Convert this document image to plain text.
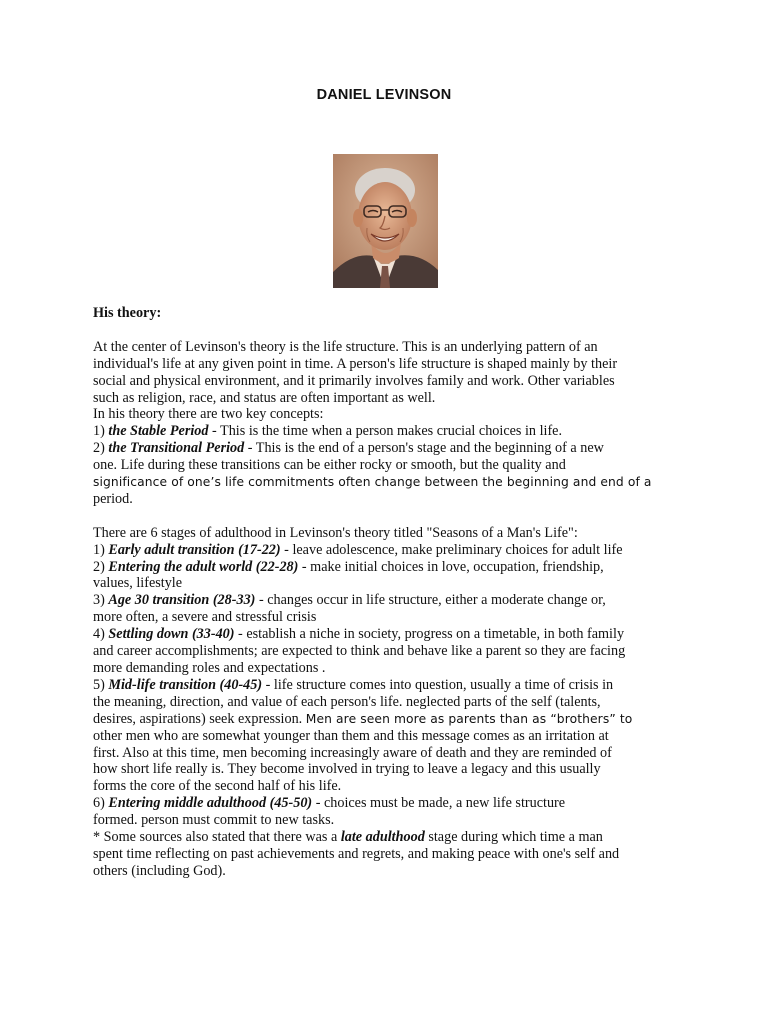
DANIEL LEVINSON
His theory:
At the center of Levinson's theory is the life structure. This is an underlying pattern of an
individual's life at any given point in time. A person's life structure is shaped mainly by their
social and physical environment, and it primarily involves family and work. Other variables
such as religion, race, and status are often important as well.
In his theory there are two key concepts:
1) the Stable Period - This is the time when a person makes crucial choices in life.
2) the Transitional Period - This is the end of a person's stage and the beginning of a new
one. Life during these transitions can be either rocky or smooth, but the quality and
significance of one’s life commitments often change between the beginning and end of a
period.
There are 6 stages of adulthood in Levinson's theory titled "Seasons of a Man's Life":
1) Early adult transition (17-22) - leave adolescence, make preliminary choices for adult life
2) Entering the adult world (22-28) - make initial choices in love, occupation, friendship,
values, lifestyle
3) Age 30 transition (28-33) - changes occur in life structure, either a moderate change or,
more often, a severe and stressful crisis
4) Settling down (33-40) - establish a niche in society, progress on a timetable, in both family
and career accomplishments; are expected to think and behave like a parent so they are facing
more demanding roles and expectations .
5) Mid-life transition (40-45) - life structure comes into question, usually a time of crisis in
the meaning, direction, and value of each person's life. neglected parts of the self (talents,
desires, aspirations) seek expression. Men are seen more as parents than as “brothers” to
other men who are somewhat younger than them and this message comes as an irritation at
first. Also at this time, men becoming increasingly aware of death and they are reminded of
how short life really is. They become involved in trying to leave a legacy and this usually
forms the core of the second half of his life.
6) Entering middle adulthood (45-50) - choices must be made, a new life structure
formed. person must commit to new tasks.
* Some sources also stated that there was a late adulthood stage during which time a man
spent time reflecting on past achievements and regrets, and making peace with one's self and
others (including God).
